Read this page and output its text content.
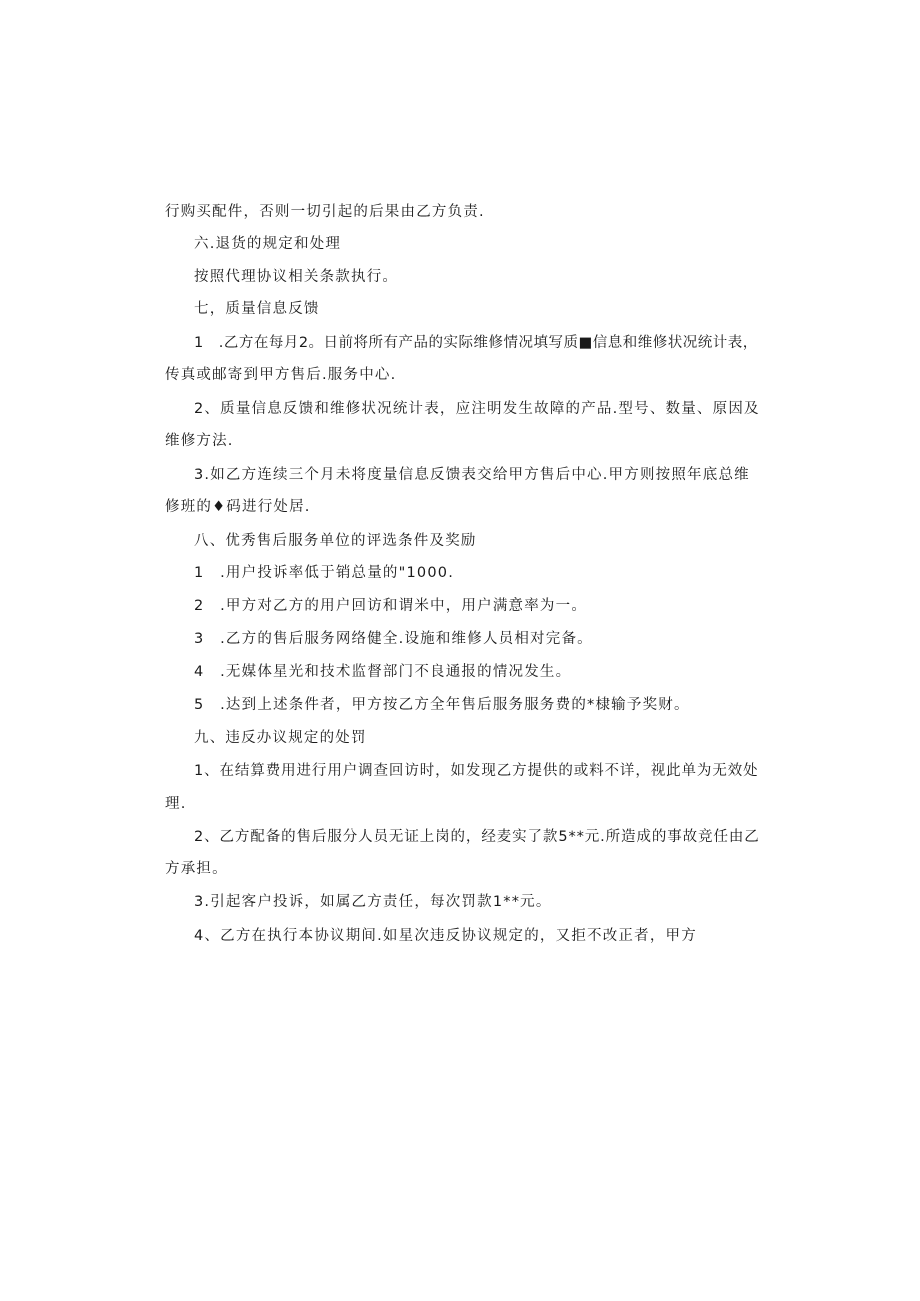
行购买配件，否则一切引起的后果由乙方负责.
六.退货的规定和处理
按照代理协议相关条款执行。
七，质量信息反馈
1　.乙方在每月2。日前将所有产品的实际维修情况填写质■信息和维修状况统计表，
传真或邮寄到甲方售后.服务中心.
2、质量信息反馈和维修状况统计表，应注明发生故障的产品.型号、数量、原因及
维修方法.
3.如乙方连续三个月未将度量信息反馈表交给甲方售后中心.甲方则按照年底总维
修班的♦码进行处居.
八、优秀售后服务单位的评选条件及奖励
1　.用户投诉率低于销总量的"1000.
2　.甲方对乙方的用户回访和谓米中，用户满意率为一。
3　.乙方的售后服务网络健全.设施和维修人员相对完备。
4　.无媒体星光和技术监督部门不良通报的情况发生。
5　.达到上述条件者，甲方按乙方全年售后服务服务费的*棣输予奖财。
九、违反办议规定的处罚
1、在结算费用进行用户调查回访时，如发现乙方提供的或料不详，视此单为无效处
理.
2、乙方配备的售后服分人员无证上岗的，经麦实了款5**元.所造成的事故竞任由乙
方承担。
3.引起客户投诉，如属乙方责任，每次罚款1**元。
4、乙方在执行本协议期间.如星次违反协议规定的，又拒不改正者，甲方
